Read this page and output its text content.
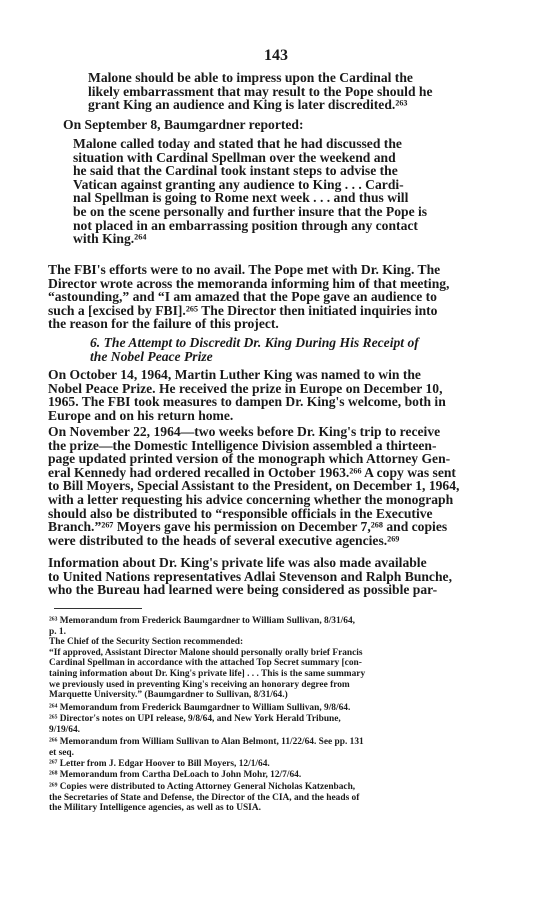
143
Malone should be able to impress upon the Cardinal the
likely embarrassment that may result to the Pope should he
grant King an audience and King is later discredited.²⁶³
On September 8, Baumgardner reported:
Malone called today and stated that he had discussed the
situation with Cardinal Spellman over the weekend and
he said that the Cardinal took instant steps to advise the
Vatican against granting any audience to King . . . Cardi-
nal Spellman is going to Rome next week . . . and thus will
be on the scene personally and further insure that the Pope is
not placed in an embarrassing position through any contact
with King.²⁶⁴
The FBI's efforts were to no avail. The Pope met with Dr. King. The
Director wrote across the memoranda informing him of that meeting,
“astounding,” and “I am amazed that the Pope gave an audience to
such a [excised by FBI].²⁶⁵ The Director then initiated inquiries into
the reason for the failure of this project.
6. The Attempt to Discredit Dr. King During His Receipt of
the Nobel Peace Prize
On October 14, 1964, Martin Luther King was named to win the
Nobel Peace Prize. He received the prize in Europe on December 10,
1965. The FBI took measures to dampen Dr. King's welcome, both in
Europe and on his return home.
On November 22, 1964—two weeks before Dr. King's trip to receive
the prize—the Domestic Intelligence Division assembled a thirteen-
page updated printed version of the monograph which Attorney Gen-
eral Kennedy had ordered recalled in October 1963.²⁶⁶ A copy was sent
to Bill Moyers, Special Assistant to the President, on December 1, 1964,
with a letter requesting his advice concerning whether the monograph
should also be distributed to “responsible officials in the Executive
Branch.”²⁶⁷ Moyers gave his permission on December 7,²⁶⁸ and copies
were distributed to the heads of several executive agencies.²⁶⁹
Information about Dr. King's private life was also made available
to United Nations representatives Adlai Stevenson and Ralph Bunche,
who the Bureau had learned were being considered as possible par-
²⁶³ Memorandum from Frederick Baumgardner to William Sullivan, 8/31/64,
p. 1.
The Chief of the Security Section recommended:
“If approved, Assistant Director Malone should personally orally brief Francis
Cardinal Spellman in accordance with the attached Top Secret summary [con-
taining information about Dr. King's private life] . . . This is the same summary
we previously used in preventing King's receiving an honorary degree from
Marquette University.” (Baumgardner to Sullivan, 8/31/64.)
²⁶⁴ Memorandum from Frederick Baumgardner to William Sullivan, 9/8/64.
²⁶⁵ Director's notes on UPI release, 9/8/64, and New York Herald Tribune,
9/19/64.
²⁶⁶ Memorandum from William Sullivan to Alan Belmont, 11/22/64. See pp. 131
et seq.
²⁶⁷ Letter from J. Edgar Hoover to Bill Moyers, 12/1/64.
²⁶⁸ Memorandum from Cartha DeLoach to John Mohr, 12/7/64.
²⁶⁹ Copies were distributed to Acting Attorney General Nicholas Katzenbach,
the Secretaries of State and Defense, the Director of the CIA, and the heads of
the Military Intelligence agencies, as well as to USIA.
